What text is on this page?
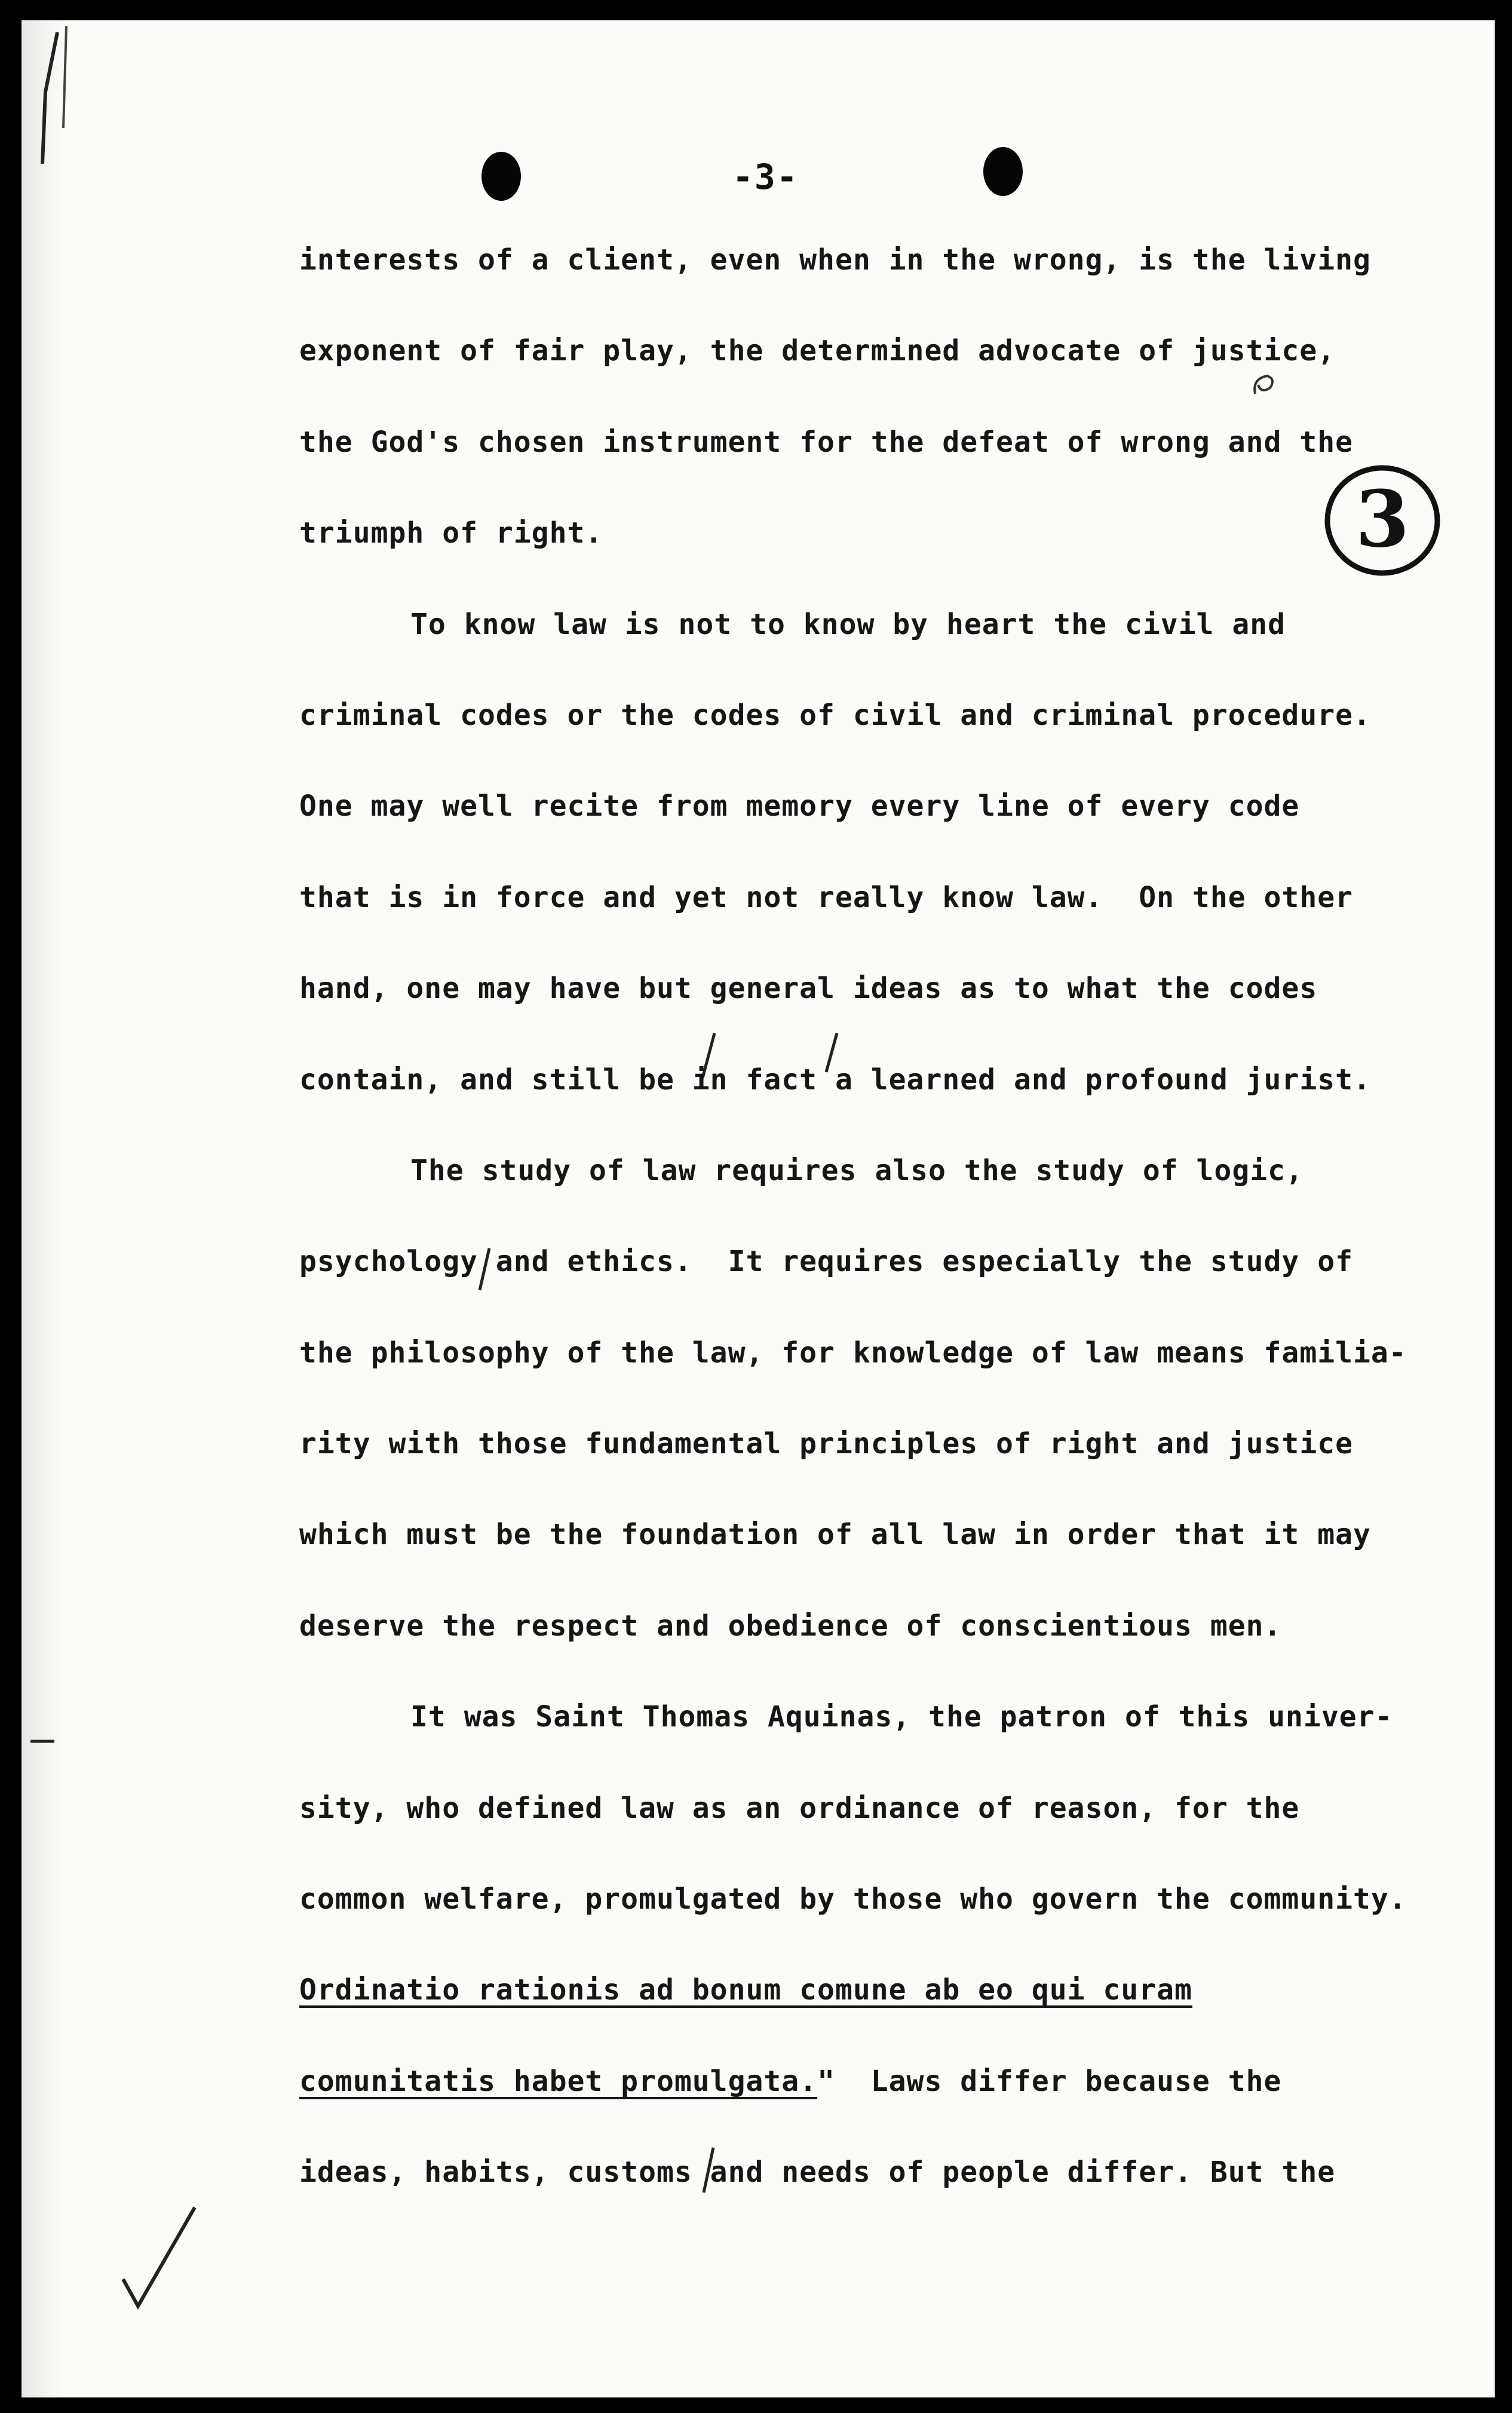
-3-
3
interests of a client, even when in the wrong, is the living
exponent of fair play, the determined advocate of justice,
the God's chosen instrument for the defeat of wrong and the
triumph of right.
To know law is not to know by heart the civil and
criminal codes or the codes of civil and criminal procedure.
One may well recite from memory every line of every code
that is in force and yet not really know law.  On the other
hand, one may have but general ideas as to what the codes
contain, and still be in fact a learned and profound jurist.
The study of law requires also the study of logic,
psychology and ethics.  It requires especially the study of
the philosophy of the law, for knowledge of law means familia-
rity with those fundamental principles of right and justice
which must be the foundation of all law in order that it may
deserve the respect and obedience of conscientious men.
It was Saint Thomas Aquinas, the patron of this univer-
sity, who defined law as an ordinance of reason, for the
common welfare, promulgated by those who govern the community.
Ordinatio rationis ad bonum comune ab eo qui curam
comunitatis habet promulgata."  Laws differ because the
ideas, habits, customs and needs of people differ. But the
